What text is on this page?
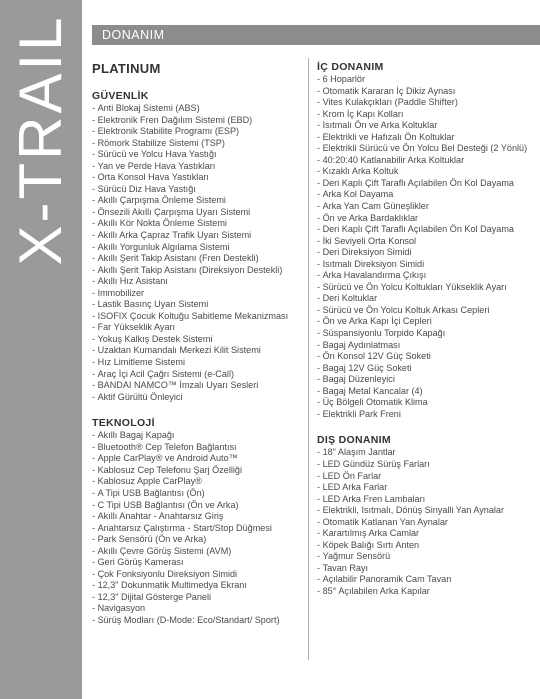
X-TRAIL DONANIM
PLATINUM
GÜVENLİK
- Anti Blokaj Sistemi (ABS)
- Elektronik Fren Dağılım Sistemi (EBD)
- Elektronik Stabilite Programı (ESP)
- Römork Stabilize Sistemi (TSP)
- Sürücü ve Yolcu Hava Yastığı
- Yan ve Perde Hava Yastıkları
- Orta Konsol Hava Yastıkları
- Sürücü Diz Hava Yastığı
- Akıllı Çarpışma Önleme Sistemi
- Önsezili Akıllı Çarpışma Uyarı Sistemi
- Akıllı Kör Nokta Önleme Sistemi
- Akıllı Arka Çapraz Trafik Uyarı Sistemi
- Akıllı Yorgunluk Algılama Sistemi
- Akıllı Şerit Takip Asistanı (Fren Destekli)
- Akıllı Şerit Takip Asistanı (Direksiyon Destekli)
- Akıllı Hız Asistanı
- Immobilizer
- Lastik Basınç Uyarı Sistemi
- ISOFIX Çocuk Koltuğu Sabitleme Mekanizması
- Far Yükseklik Ayarı
- Yokuş Kalkış Destek Sistemi
- Uzaktan Kumandalı Merkezi Kilit Sistemi
- Hız Limitleme Sistemi
- Araç İçi Acil Çağrı Sistemi (e-Call)
- BANDAI NAMCO™ İmzalı Uyarı Sesleri
- Aktif Gürültü Önleyici
TEKNOLOJİ
- Akıllı Bagaj Kapağı
- Bluetooth® Cep Telefon Bağlantısı
- Apple CarPlay® ve Android Auto™
- Kablosuz Cep Telefonu Şarj Özelliği
- Kablosuz Apple CarPlay®
- A Tipi USB Bağlantısı (Ön)
- C Tipi USB Bağlantısı (Ön ve Arka)
- Akıllı Anahtar - Anahtarsız Giriş
- Anahtarsız Çalıştırma - Start/Stop Düğmesi
- Park Sensörü (Ön ve Arka)
- Akıllı Çevre Görüş Sistemi (AVM)
- Geri Görüş Kamerası
- Çok Fonksiyonlu Direksiyon Simidi
- 12,3" Dokunmatik Multimedya Ekranı
- 12,3" Dijital Gösterge Paneli
- Navigasyon
- Sürüş Modları (D-Mode: Eco/Standart/ Sport)
İÇ DONANIM
- 6 Hoparlör
- Otomatik Kararan İç Dikiz Aynası
- Vites Kulakçıkları (Paddle Shifter)
- Krom İç Kapı Kolları
- Isıtmalı Ön ve Arka Koltuklar
- Elektrikli ve Hafızalı Ön Koltuklar
- Elektrikli Sürücü ve Ön Yolcu Bel Desteği (2 Yönlü)
- 40:20:40 Katlanabilir Arka Koltuklar
- Kızaklı Arka Koltuk
- Deri Kaplı Çift Taraflı Açılabilen Ön Kol Dayama
- Arka Kol Dayama
- Arka Yan Cam Güneşlikler
- Ön ve Arka Bardaklıklar
- Deri Kaplı Çift Taraflı Açılabilen Ön Kol Dayama
- İki Seviyeli Orta Konsol
- Deri Direksiyon Simidi
- Isıtmalı Direksiyon Simidi
- Arka Havalandırma Çıkışı
- Sürücü ve Ön Yolcu Koltukları Yükseklik Ayarı
- Deri Koltuklar
- Sürücü ve Ön Yolcu Koltuk Arkası Cepleri
- Ön ve Arka Kapı İçi Cepleri
- Süspansiyonlu Torpido Kapağı
- Bagaj Aydınlatması
- Ön Konsol 12V Güç Soketi
- Bagaj 12V Güç Soketi
- Bagaj Düzenleyici
- Bagaj Metal Kancalar (4)
- Üç Bölgeli Otomatik Klima
- Elektrikli Park Freni
DIŞ DONANIM
- 18" Alaşım Jantlar
- LED Gündüz Sürüş Farları
- LED Ön Farlar
- LED Arka Farlar
- LED Arka Fren Lambaları
- Elektrikli, Isıtmalı, Dönüş Sinyalli Yan Aynalar
- Otomatik Katlanan Yan Aynalar
- Karartılmış Arka Camlar
- Köpek Balığı Sırtı Anten
- Yağmur Sensörü
- Tavan Rayı
- Açılabilir Panoramik Cam Tavan
- 85° Açılabilen Arka Kapılar
